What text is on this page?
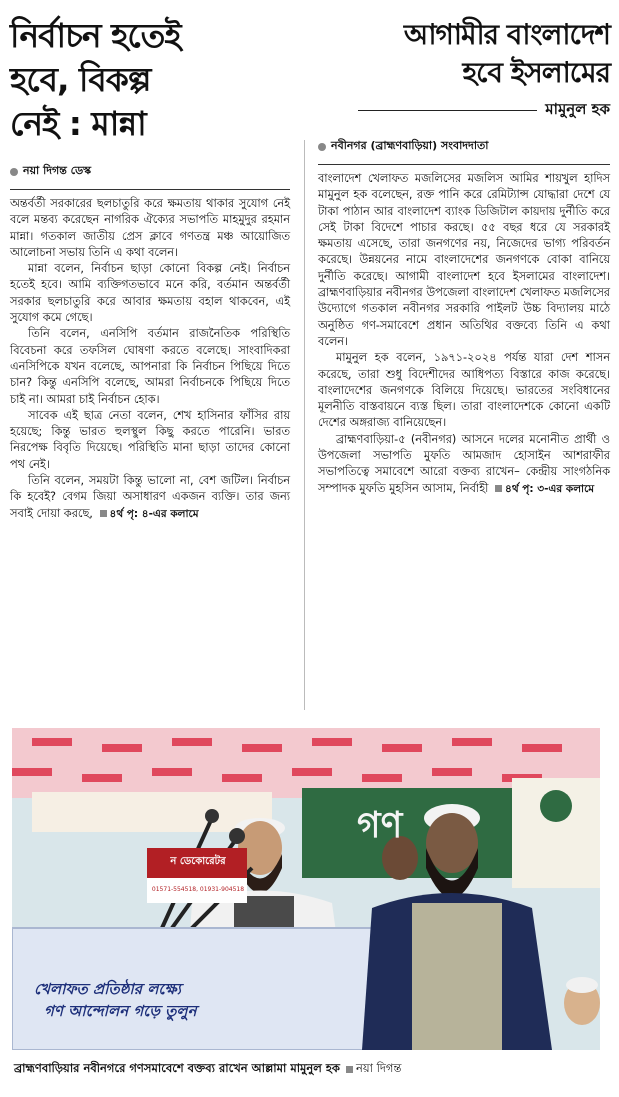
নির্বাচন হতেই
হবে, বিকল্প
নেই : মান্না
নয়া দিগন্ত ডেস্ক

অন্তর্বর্তী সরকারের ছলচাতুরি করে ক্ষমতায় থাকার সুযোগ নেই বলে মন্তব্য করেছেন নাগরিক ঐক্যের সভাপতি মাহমুদুর রহমান মান্না। গতকাল জাতীয় প্রেস ক্লাবে গণতন্ত্র মঞ্চ আয়োজিত আলোচনা সভায় তিনি এ কথা বলেন।

মান্না বলেন, নির্বাচন ছাড়া কোনো বিকল্প নেই। নির্বাচন হতেই হবে। আমি ব্যক্তিগতভাবে মনে করি, বর্তমান অন্তর্বর্তী সরকার ছলচাতুরি করে আবার ক্ষমতায় বহাল থাকবেন, এই সুযোগ কমে গেছে।

তিনি বলেন, এনসিপি বর্তমান রাজনৈতিক পরিস্থিতি বিবেচনা করে তফসিল ঘোষণা করতে বলেছে। সাংবাদিকরা এনসিপিকে যখন বলেছে, আপনারা কি নির্বাচন পিছিয়ে দিতে চান? কিন্তু এনসিপি বলেছে, আমরা নির্বাচনকে পিছিয়ে দিতে চাই না। আমরা চাই নির্বাচন হোক।

সাবেক এই ছাত্র নেতা বলেন, শেখ হাসিনার ফাঁসির রায় হয়েছে; কিন্তু ভারত হুলস্থুল কিছু করতে পারেনি। ভারত নিরপেক্ষ বিবৃতি দিয়েছে। পরিস্থিতি মানা ছাড়া তাদের কোনো পথ নেই।

তিনি বলেন, সময়টা কিন্তু ভালো না, বেশ জটিল। নির্বাচন কি হবেই? বেগম জিয়া অসাধারণ একজন ব্যক্তি। তার জন্য সবাই দোয়া করছে, ৪র্থ পৃ: ৪-এর কলামে

আগামীর বাংলাদেশ
হবে ইসলামের
মামুনুল হক
নবীনগর (ব্রাহ্মণবাড়িয়া) সংবাদদাতা

বাংলাদেশ খেলাফত মজলিসের মজলিস আমির শায়খুল হাদিস মামুনুল হক বলেছেন, রক্ত পানি করে রেমিট্যান্স যোদ্ধারা দেশে যে টাকা পাঠান আর বাংলাদেশ ব্যাংক ডিজিটাল কায়দায় দুর্নীতি করে সেই টাকা বিদেশে পাচার করছে। ৫৫ বছর ধরে যে সরকারই ক্ষমতায় এসেছে, তারা জনগণের নয়, নিজেদের ভাগ্য পরিবর্তন করেছে। উন্নয়নের নামে বাংলাদেশের জনগণকে বোকা বানিয়ে দুর্নীতি করেছে। আগামী বাংলাদেশ হবে ইসলামের বাংলাদেশ। ব্রাহ্মণবাড়িয়ার নবীনগর উপজেলা বাংলাদেশ খেলাফত মজলিসের উদ্যোগে গতকাল নবীনগর সরকারি পাইলট উচ্চ বিদ্যালয় মাঠে অনুষ্ঠিত গণ-সমাবেশে প্রধান অতিথির বক্তব্যে তিনি এ কথা বলেন।

মামুনুল হক বলেন, ১৯৭১-২০২৪ পর্যন্ত যারা দেশ শাসন করেছে, তারা শুধু বিদেশীদের আধিপত্য বিস্তারে কাজ করেছে। বাংলাদেশের জনগণকে বিলিয়ে দিয়েছে। ভারতের সংবিধানের মূলনীতি বাস্তবায়নে ব্যস্ত ছিল। তারা বাংলাদেশকে কোনো একটি দেশের অঙ্গরাজ্য বানিয়েছেন।

ব্রাহ্মণবাড়িয়া-৫ (নবীনগর) আসনে দলের মনোনীত প্রার্থী ও উপজেলা সভাপতি মুফতি আমজাদ হোসাইন আশরাফীর সভাপতিত্বে সমাবেশে আরো বক্তব্য রাখেন– কেন্দ্রীয় সাংগঠনিক সম্পাদক মুফতি মুহসিন আসাম, নির্বাহী ৪র্থ পৃ: ৩-এর কলামে

গণ
ন ডেকোরেটর
01571-554518, 01931-904518
খেলাফত প্রতিষ্ঠার লক্ষ্যে
গণ আন্দোলন গড়ে তুলুন
ব্রাহ্মণবাড়িয়ার নবীনগরে গণসমাবেশে বক্তব্য রাখেন আল্লামা মামুনুল হক নয়া দিগন্ত
